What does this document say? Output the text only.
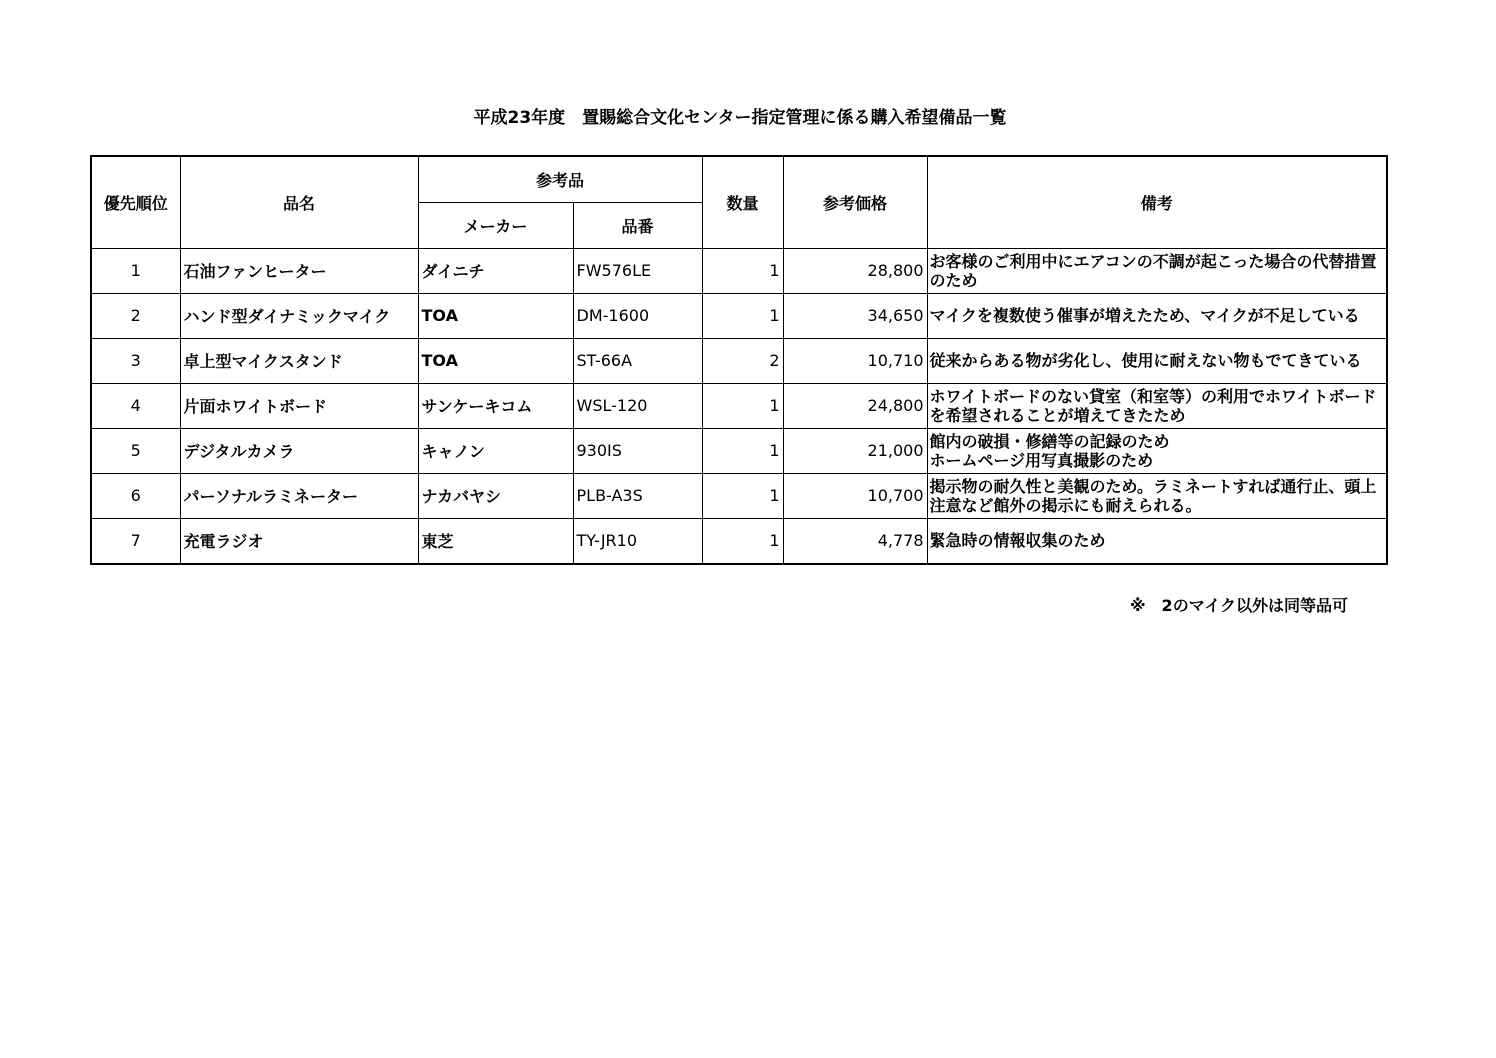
平成23年度　置賜総合文化センター指定管理に係る購入希望備品一覧
優先順位	品名	参考品		数量	参考価格	備考
		メーカー	品番			
1	石油ファンヒーター	ダイニチ	FW576LE	1	28,800	お客様のご利用中にエアコンの不調が起こった場合の代替措置のため
2	ハンド型ダイナミックマイク	TOA	DM-1600	1	34,650	マイクを複数使う催事が増えたため、マイクが不足している
3	卓上型マイクスタンド	TOA	ST-66A	2	10,710	従来からある物が劣化し、使用に耐えない物もでてきている
4	片面ホワイトボード	サンケーキコム	WSL-120	1	24,800	ホワイトボードのない貸室（和室等）の利用でホワイトボードを希望されることが増えてきたため
5	デジタルカメラ	キャノン	930IS	1	21,000	館内の破損・修繕等の記録のため
ホームページ用写真撮影のため
6	パーソナルラミネーター	ナカバヤシ	PLB-A3S	1	10,700	掲示物の耐久性と美観のため。ラミネートすれば通行止、頭上注意など館外の掲示にも耐えられる。
7	充電ラジオ	東芝	TY-JR10	1	4,778	緊急時の情報収集のため
※　2のマイク以外は同等品可
